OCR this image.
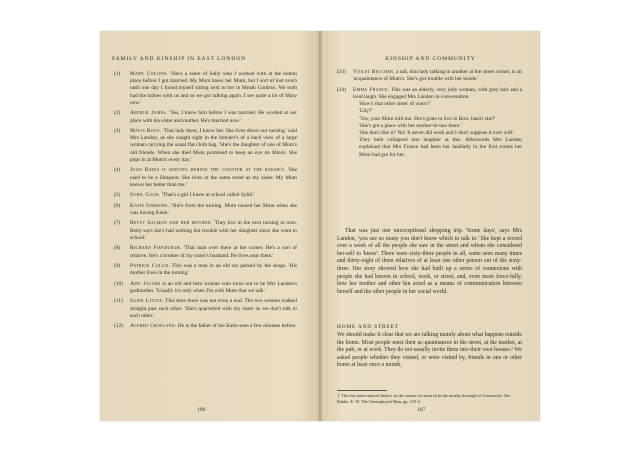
FAMILY AND KINSHIP IN EAST LONDON
(1) Mary Collins. 'She's a sister of Sally who I worked with at the button place before I got married. My Mum knew her Mum, but I sort of lost touch until one day I found myself sitting next to her in Meath Gardens. We both had the babies with us and so we got talking again. I see quite a lot of Mary now.'
(2) Arthur James. 'Yes, I knew him before I was married. He worked at our place with his sister and mother. He's married now.'
(3) Mavis Boot. 'That lady there, I know her. She lives down our turning,' said Mrs Landon, as she caught sight in the butcher's of a back view of a large woman carrying the usual flat cloth bag. 'She's the daughter of one of Mum's old friends. When she died Mum promised to keep an eye on Mavis. She pops in at Mum's every day.'
(4) Joan Bates is serving behind the counter at the baker's. 'She used to be a Simpson. She lives in the same street as my sister. My Mum knows her better than me.'
(5) Sybil Cook. 'That's a girl I knew at school called Sybil.'
(6) Katie Simmons. 'She's from the turning. Mum nursed her Mum when she was having Katie.'
(7) Betty Salmon and her mother. 'They live in the next turning to ours. Betty says she's had nothing but trouble with her daughter since she went to school.'
(8) Richard Fienburgh. 'That man over there at the corner. He's a sort of relative. He's a brother of my sister's husband. He lives near them.'
(9) Patrick Collis. This was a man in an old car parked by the shops. 'His mother lives in the turning.'
(10) Amy Jacobs is an old and bent woman who turns out to be Mrs Landon's godmother. 'Usually it's only when I'm with Mum that we talk.'
(11) Sadie Little. This time there was not even a nod. The two women walked straight past each other. 'She's quarrelled with my sister so we don't talk to each other.'
(12) Alfred Crosland. He is the father of the Katie seen a few minutes before.
106
KINSHIP AND COMMUNITY
(23) Violet Belcher, a tall, thin lady talking to another at the street corner, is an 'acquaintance of Mum's. She's got trouble with her inside.'
(24) Emma France. This was an elderly, very jolly woman, with grey hair and a loud laugh. She engaged Mrs Landon in conversation.
'How's that other sister of yours?'
'Lily?'
'Yes, your Mum told me. She's gone to live in Bow, hasn't she?'
'She's got a place with her mother-in-law there.'
'She don't like it? No! It never did work and I don't suppose it ever will.'
They both collapsed into laughter at this. Afterwards Mrs Landon explained that Mrs France had been her landlady in the first rooms her Mum had got for her.
That was just one unexceptional shopping trip. 'Some days', says Mrs Landon, 'you see so many you don't know which to talk to.' She kept a record over a week of all the people she saw in the street and whom she considered her-self to 'know'. There were sixty-three people in all, some seen many times and thirty-eight of them relatives of at least one other person out of the sixty-three. Her story showed how she had built up a series of connexions with people she had known in school, work, or street, and, even more force-fully, how her mother and other kin acted as a means of communication between herself and the other people in her social world.
HOME AND STREET
We should make it clear that we are talking mainly about what happens outside the home. Most people meet their ac-quaintances in the street, at the market, at the pub, or at work. They do not usually invite them into their own houses.¹ We asked people whether they visited, or were visited by, friends in one or other home at least once a month,
1. This has been noticed before, in the course of research in the nearby borough of Greenwich. See Bakke, E. W. The Unemployed Man, pp. 153-4.
107
